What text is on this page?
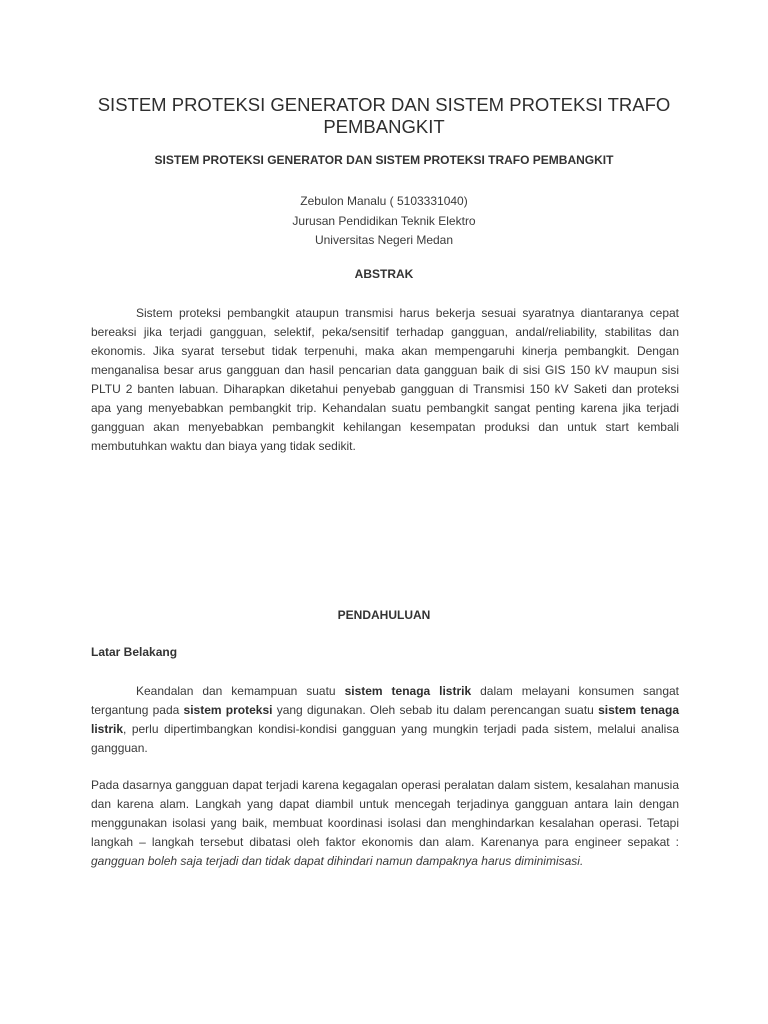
SISTEM PROTEKSI GENERATOR DAN SISTEM PROTEKSI TRAFO PEMBANGKIT
SISTEM PROTEKSI GENERATOR DAN SISTEM PROTEKSI TRAFO PEMBANGKIT
Zebulon Manalu ( 5103331040)
Jurusan Pendidikan Teknik Elektro
Universitas Negeri Medan
ABSTRAK

Sistem proteksi pembangkit ataupun transmisi harus bekerja sesuai syaratnya diantaranya cepat bereaksi jika terjadi gangguan, selektif, peka/sensitif terhadap gangguan, andal/reliability, stabilitas dan ekonomis. Jika syarat tersebut tidak terpenuhi, maka akan mempengaruhi kinerja pembangkit. Dengan menganalisa besar arus gangguan dan hasil pencarian data gangguan baik di sisi GIS 150 kV maupun sisi PLTU 2 banten labuan. Diharapkan diketahui penyebab gangguan di Transmisi 150 kV Saketi dan proteksi apa yang menyebabkan pembangkit trip. Kehandalan suatu pembangkit sangat penting karena jika terjadi gangguan akan menyebabkan pembangkit kehilangan kesempatan produksi dan untuk start kembali membutuhkan waktu dan biaya yang tidak sedikit.

PENDAHULUAN
Latar Belakang

Keandalan dan kemampuan suatu sistem tenaga listrik dalam melayani konsumen sangat tergantung pada sistem proteksi yang digunakan. Oleh sebab itu dalam perencangan suatu sistem tenaga listrik, perlu dipertimbangkan kondisi-kondisi gangguan yang mungkin terjadi pada sistem, melalui analisa gangguan.

Pada dasarnya gangguan dapat terjadi karena kegagalan operasi peralatan dalam sistem, kesalahan manusia dan karena alam. Langkah yang dapat diambil untuk mencegah terjadinya gangguan antara lain dengan menggunakan isolasi yang baik, membuat koordinasi isolasi dan menghindarkan kesalahan operasi. Tetapi langkah – langkah tersebut dibatasi oleh faktor ekonomis dan alam. Karenanya para engineer sepakat : gangguan boleh saja terjadi dan tidak dapat dihindari namun dampaknya harus diminimisasi.
